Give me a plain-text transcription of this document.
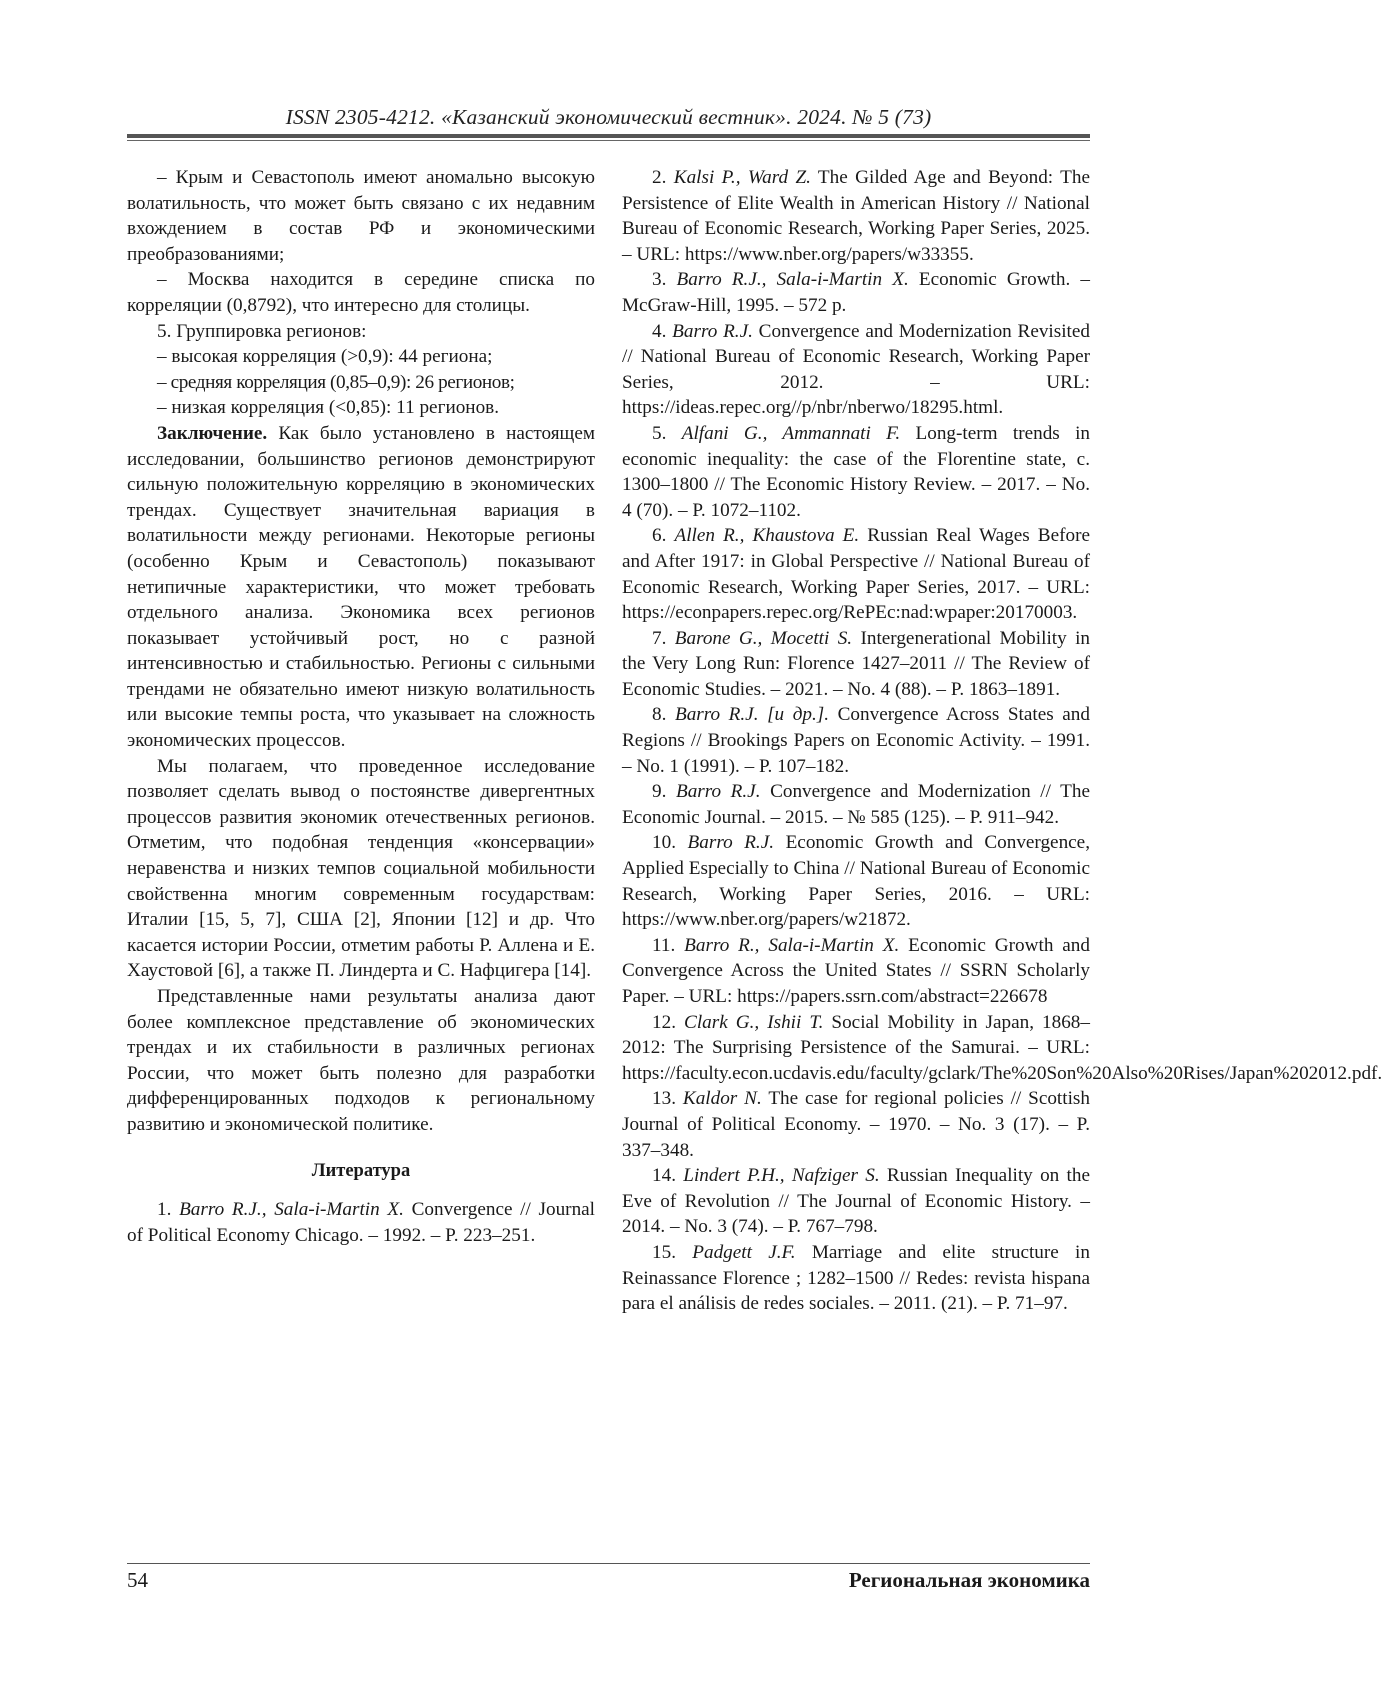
ISSN 2305-4212. «Казанский экономический вестник». 2024. № 5 (73)

– Крым и Севастополь имеют аномально высокую волатильность, что может быть связано с их недавним вхождением в состав РФ и экономическими преобразованиями;

– Москва находится в середине списка по корреляции (0,8792), что интересно для столицы.

5. Группировка регионов:

– высокая корреляция (>0,9): 44 региона;

– средняя корреляция (0,85–0,9): 26 регионов;

– низкая корреляция (<0,85): 11 регионов.

Заключение. Как было установлено в настоящем исследовании, большинство регионов демонстрируют сильную положительную корреляцию в экономических трендах. Существует значительная вариация в волатильности между регионами. Некоторые регионы (особенно Крым и Севастополь) показывают нетипичные характеристики, что может требовать отдельного анализа. Экономика всех регионов показывает устойчивый рост, но с разной интенсивностью и стабильностью. Регионы с сильными трендами не обязательно имеют низкую волатильность или высокие темпы роста, что указывает на сложность экономических процессов.

Мы полагаем, что проведенное исследование позволяет сделать вывод о постоянстве дивергентных процессов развития экономик отечественных регионов. Отметим, что подобная тенденция «консервации» неравенства и низких темпов социальной мобильности свойственна многим современным государствам: Италии [15, 5, 7], США [2], Японии [12] и др. Что касается истории России, отметим работы Р. Аллена и Е. Хаустовой [6], а также П. Линдерта и С. Нафцигера [14].

Представленные нами результаты анализа дают более комплексное представление об экономических трендах и их стабильности в различных регионах России, что может быть полезно для разработки дифференцированных подходов к региональному развитию и экономической политике.

Литература

1. Barro R.J., Sala-i-Martin X. Convergence // Journal of Political Economy Chicago. – 1992. – P. 223–251.

2. Kalsi P., Ward Z. The Gilded Age and Beyond: The Persistence of Elite Wealth in American History // National Bureau of Economic Research, Working Paper Series, 2025. – URL: https://www.nber.org/papers/w33355.

3. Barro R.J., Sala-i-Martin X. Economic Growth. – McGraw-Hill, 1995. – 572 p.

4. Barro R.J. Convergence and Modernization Revisited // National Bureau of Economic Research, Working Paper Series, 2012. – URL: https://ideas.repec.org//p/nbr/nberwo/18295.html.

5. Alfani G., Ammannati F. Long-term trends in economic inequality: the case of the Florentine state, c. 1300–1800 // The Economic History Review. – 2017. – No. 4 (70). – P. 1072–1102.

6. Allen R., Khaustova E. Russian Real Wages Before and After 1917: in Global Perspective // National Bureau of Economic Research, Working Paper Series, 2017. – URL: https://econpapers.repec.org/RePEc:nad:wpaper:20170003.

7. Barone G., Mocetti S. Intergenerational Mobility in the Very Long Run: Florence 1427–2011 // The Review of Economic Studies. – 2021. – No. 4 (88). – P. 1863–1891.

8. Barro R.J. [и др.]. Convergence Across States and Regions // Brookings Papers on Economic Activity. – 1991. – No. 1 (1991). – P. 107–182.

9. Barro R.J. Convergence and Modernization // The Economic Journal. – 2015. – № 585 (125). – P. 911–942.

10. Barro R.J. Economic Growth and Convergence, Applied Especially to China // National Bureau of Economic Research, Working Paper Series, 2016. – URL: https://www.nber.org/papers/w21872.

11. Barro R., Sala-i-Martin X. Economic Growth and Convergence Across the United States // SSRN Scholarly Paper. – URL: https://papers.ssrn.com/abstract=226678

12. Clark G., Ishii T. Social Mobility in Japan, 1868–2012: The Surprising Persistence of the Samurai. – URL: https://faculty.econ.ucdavis.edu/faculty/gclark/The%20Son%20Also%20Rises/Japan%202012.pdf.

13. Kaldor N. The case for regional policies // Scottish Journal of Political Economy. – 1970. – No. 3 (17). – P. 337–348.

14. Lindert P.H., Nafziger S. Russian Inequality on the Eve of Revolution // The Journal of Economic History. – 2014. – No. 3 (74). – P. 767–798.

15. Padgett J.F. Marriage and elite structure in Reinassance Florence ; 1282–1500 // Redes: revista hispana para el análisis de redes sociales. – 2011. (21). – P. 71–97.

54	Региональная экономика
